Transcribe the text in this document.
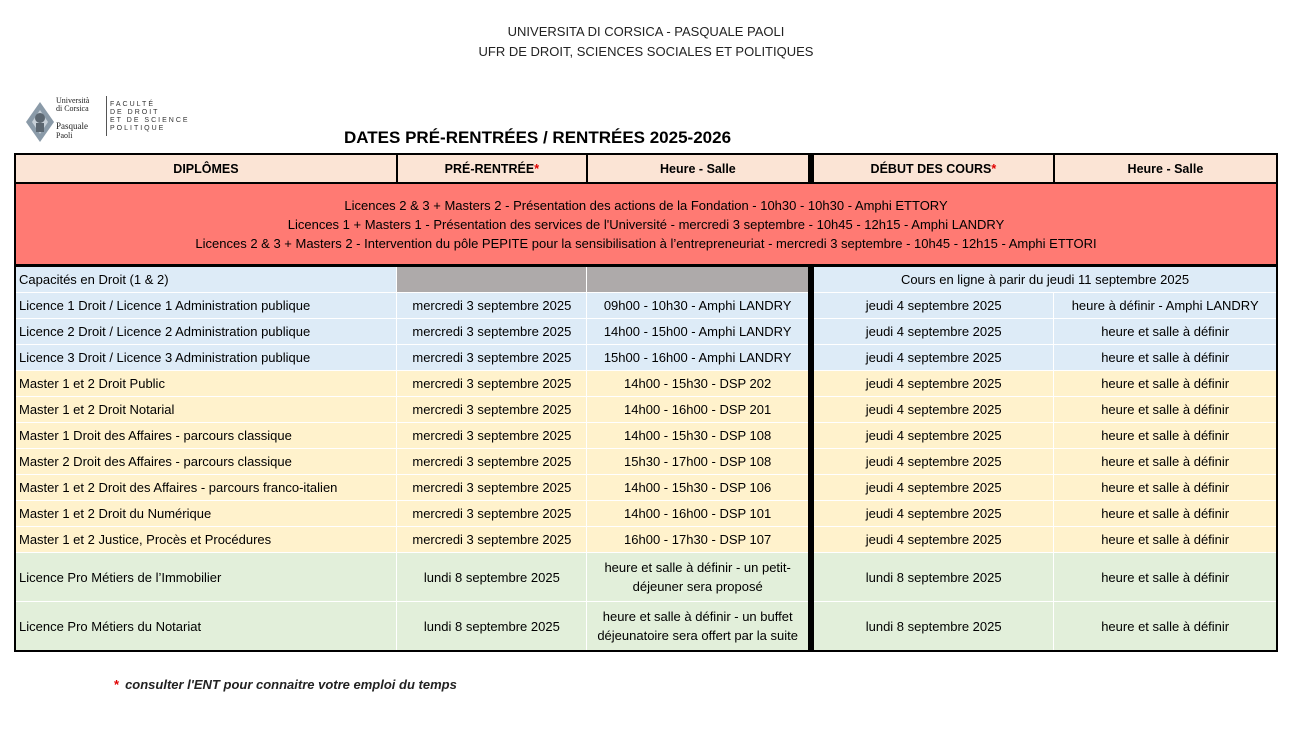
UNIVERSITA DI CORSICA - PASQUALE PAOLI
UFR DE DROIT, SCIENCES SOCIALES ET POLITIQUES
Università
di Corsica
Pasquale
Paoli
FACULTÉ
DE DROIT
ET DE SCIENCE
POLITIQUE	DATES PRÉ-RENTRÉES / RENTRÉES 2025-2026
DIPLÔMES	PRÉ-RENTRÉE*	Heure - Salle	DÉBUT DES COURS*	Heure - Salle

Licences 2 & 3 + Masters 2 - Présentation des actions de la Fondation - 10h30 - 10h30 - Amphi ETTORY
Licences 1 + Masters 1 - Présentation des services de l'Université - mercredi 3 septembre - 10h45 - 12h15 - Amphi LANDRY
Licences 2 & 3 + Masters 2 - Intervention du pôle PEPITE pour la sensibilisation à l’entrepreneuriat - mercredi 3 septembre - 10h45 - 12h15 - Amphi ETTORI				

Capacités en Droit (1 & 2)			Cours en ligne à parir du jeudi 11 septembre 2025	
Licence 1 Droit / Licence 1 Administration publique	mercredi 3 septembre 2025	09h00 - 10h30 - Amphi LANDRY	jeudi 4 septembre 2025	heure à définir - Amphi LANDRY
Licence 2 Droit / Licence 2 Administration publique	mercredi 3 septembre 2025	14h00 - 15h00 - Amphi LANDRY	jeudi 4 septembre 2025	heure et salle à définir
Licence 3 Droit / Licence 3 Administration publique	mercredi 3 septembre 2025	15h00 - 16h00 - Amphi LANDRY	jeudi 4 septembre 2025	heure et salle à définir
Master 1 et 2 Droit Public	mercredi 3 septembre 2025	14h00 - 15h30 - DSP 202	jeudi 4 septembre 2025	heure et salle à définir
Master 1 et 2 Droit Notarial	mercredi 3 septembre 2025	14h00 - 16h00 - DSP 201	jeudi 4 septembre 2025	heure et salle à définir
Master 1 Droit des Affaires - parcours classique	mercredi 3 septembre 2025	14h00 - 15h30 - DSP 108	jeudi 4 septembre 2025	heure et salle à définir
Master 2 Droit des Affaires - parcours classique	mercredi 3 septembre 2025	15h30 - 17h00 - DSP 108	jeudi 4 septembre 2025	heure et salle à définir
Master 1 et 2 Droit des Affaires - parcours franco-italien	mercredi 3 septembre 2025	14h00 - 15h30 - DSP 106	jeudi 4 septembre 2025	heure et salle à définir
Master 1 et 2 Droit du Numérique	mercredi 3 septembre 2025	14h00 - 16h00 - DSP 101	jeudi 4 septembre 2025	heure et salle à définir
Master 1 et 2 Justice, Procès et Procédures	mercredi 3 septembre 2025	16h00 - 17h30 - DSP 107	jeudi 4 septembre 2025	heure et salle à définir
Licence Pro Métiers de l’Immobilier	lundi 8 septembre 2025	heure et salle à définir - un petit-déjeuner sera proposé	lundi 8 septembre 2025	heure et salle à définir
Licence Pro Métiers du Notariat	lundi 8 septembre 2025	heure et salle à définir - un buffet déjeunatoire sera offert par la suite	lundi 8 septembre 2025	heure et salle à définir
* consulter l'ENT pour connaitre votre emploi du temps
